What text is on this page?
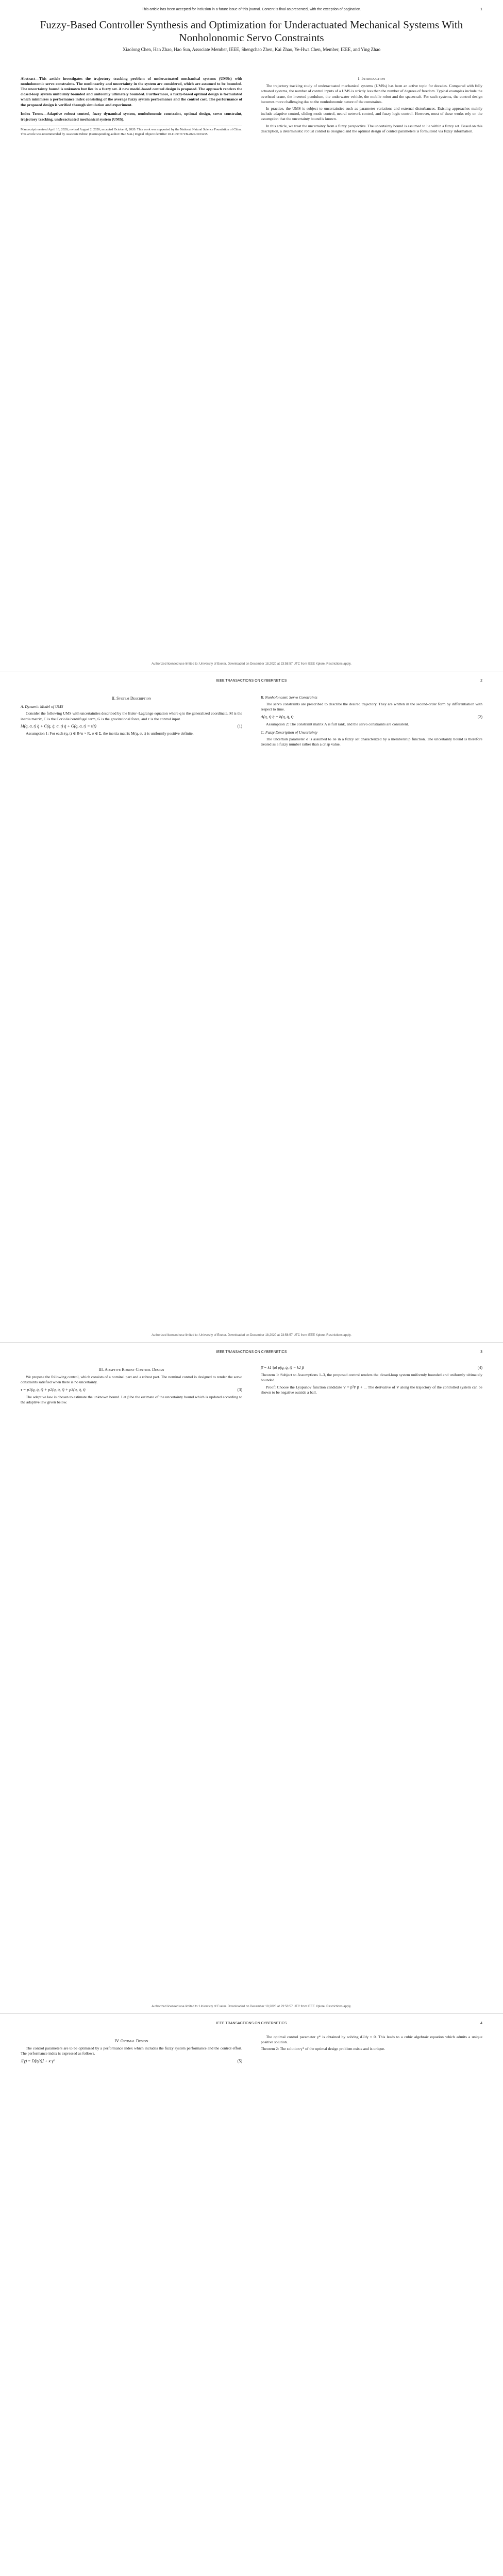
This article has been accepted for inclusion in a future issue of this journal. Content is final as presented, with the exception of pagination.	1
Fuzzy-Based Controller Synthesis and Optimization for Underactuated Mechanical Systems With Nonholonomic Servo Constraints
Xiaolong Chen, Han Zhao, Hao Sun, Associate Member, IEEE, Shengchao Zhen, Kai Zhao, Ye-Hwa Chen, Member, IEEE, and Ying Zhao

Abstract—This article investigates the trajectory tracking problem of underactuated mechanical systems (UMSs) with nonholonomic servo constraints. The nonlinearity and uncertainty in the system are considered, which are assumed to be bounded. The uncertainty bound is unknown but lies in a fuzzy set. A new model-based control design is proposed. The approach renders the closed-loop system uniformly bounded and uniformly ultimately bounded. Furthermore, a fuzzy-based optimal design is formulated which minimizes a performance index consisting of the average fuzzy system performance and the control cost. The performance of the proposed design is verified through simulation and experiment.

Index Terms—Adaptive robust control, fuzzy dynamical system, nonholonomic constraint, optimal design, servo constraint, trajectory tracking, underactuated mechanical system (UMS).

Manuscript received April 16, 2020; revised August 2, 2020; accepted October 8, 2020. This work was supported by the National Natural Science Foundation of China. This article was recommended by Associate Editor. (Corresponding author: Hao Sun.) Digital Object Identifier 10.1109/TCYB.2020.3033255
I. Introduction

The trajectory tracking study of underactuated mechanical systems (UMSs) has been an active topic for decades. Compared with fully actuated systems, the number of control inputs of a UMS is strictly less than the number of degrees of freedom. Typical examples include the overhead crane, the inverted pendulum, the underwater vehicle, the mobile robot and the spacecraft. For such systems, the control design becomes more challenging due to the nonholonomic nature of the constraints.

In practice, the UMS is subject to uncertainties such as parameter variations and external disturbances. Existing approaches mainly include adaptive control, sliding mode control, neural network control, and fuzzy logic control. However, most of these works rely on the assumption that the uncertainty bound is known.

In this article, we treat the uncertainty from a fuzzy perspective. The uncertainty bound is assumed to lie within a fuzzy set. Based on this description, a deterministic robust control is designed and the optimal design of control parameters is formulated via fuzzy information.

Authorized licensed use limited to: University of Exeter. Downloaded on December 18,2020 at 23:58:57 UTC from IEEE Xplore. Restrictions apply.
IEEE TRANSACTIONS ON CYBERNETICS	2
II. System Description
A. Dynamic Model of UMS

Consider the following UMS with uncertainties described by the Euler–Lagrange equation where q is the generalized coordinate, M is the inertia matrix, C is the Coriolis/centrifugal term, G is the gravitational force, and τ is the control input.

M(q, σ, t) q̈ + C(q, q̇, σ, t) q̇ + G(q, σ, t) = τ(t)	(1)

Assumption 1: For each (q, t) ∈ R^n × R, σ ∈ Σ, the inertia matrix M(q, σ, t) is uniformly positive definite.

B. Nonholonomic Servo Constraints

The servo constraints are prescribed to describe the desired trajectory. They are written in the second-order form by differentiation with respect to time.

A(q, t) q̈ = b(q, q̇, t)	(2)

Assumption 2: The constraint matrix A is full rank, and the servo constraints are consistent.

C. Fuzzy Description of Uncertainty

The uncertain parameter σ is assumed to lie in a fuzzy set characterized by a membership function. The uncertainty bound is therefore treated as a fuzzy number rather than a crisp value.

Authorized licensed use limited to: University of Exeter. Downloaded on December 18,2020 at 23:58:57 UTC from IEEE Xplore. Restrictions apply.
IEEE TRANSACTIONS ON CYBERNETICS	3
III. Adaptive Robust Control Design

We propose the following control, which consists of a nominal part and a robust part. The nominal control is designed to render the servo constraints satisfied when there is no uncertainty.

τ = p1(q, q̇, t) + p2(q, q̇, t) + p3(q, q̇, t)	(3)

The adaptive law is chosen to estimate the unknown bound. Let β be the estimate of the uncertainty bound which is updated according to the adaptive law given below.

β̇ = k1 ‖μ‖ ρ(q, q̇, t) − k2 β	(4)

Theorem 1: Subject to Assumptions 1–3, the proposed control renders the closed-loop system uniformly bounded and uniformly ultimately bounded.

Proof: Choose the Lyapunov function candidate V = βᵀP β + ... The derivative of V along the trajectory of the controlled system can be shown to be negative outside a ball.

Authorized licensed use limited to: University of Exeter. Downloaded on December 18,2020 at 23:58:57 UTC from IEEE Xplore. Restrictions apply.
IEEE TRANSACTIONS ON CYBERNETICS	4
IV. Optimal Design

The control parameters are to be optimized by a performance index which includes the fuzzy system performance and the control effort. The performance index is expressed as follows.

J(γ) = D[η(t)] + κ γ²	(5)

The optimal control parameter γ* is obtained by solving dJ/dγ = 0. This leads to a cubic algebraic equation which admits a unique positive solution.

Theorem 2: The solution γ* of the optimal design problem exists and is unique.
